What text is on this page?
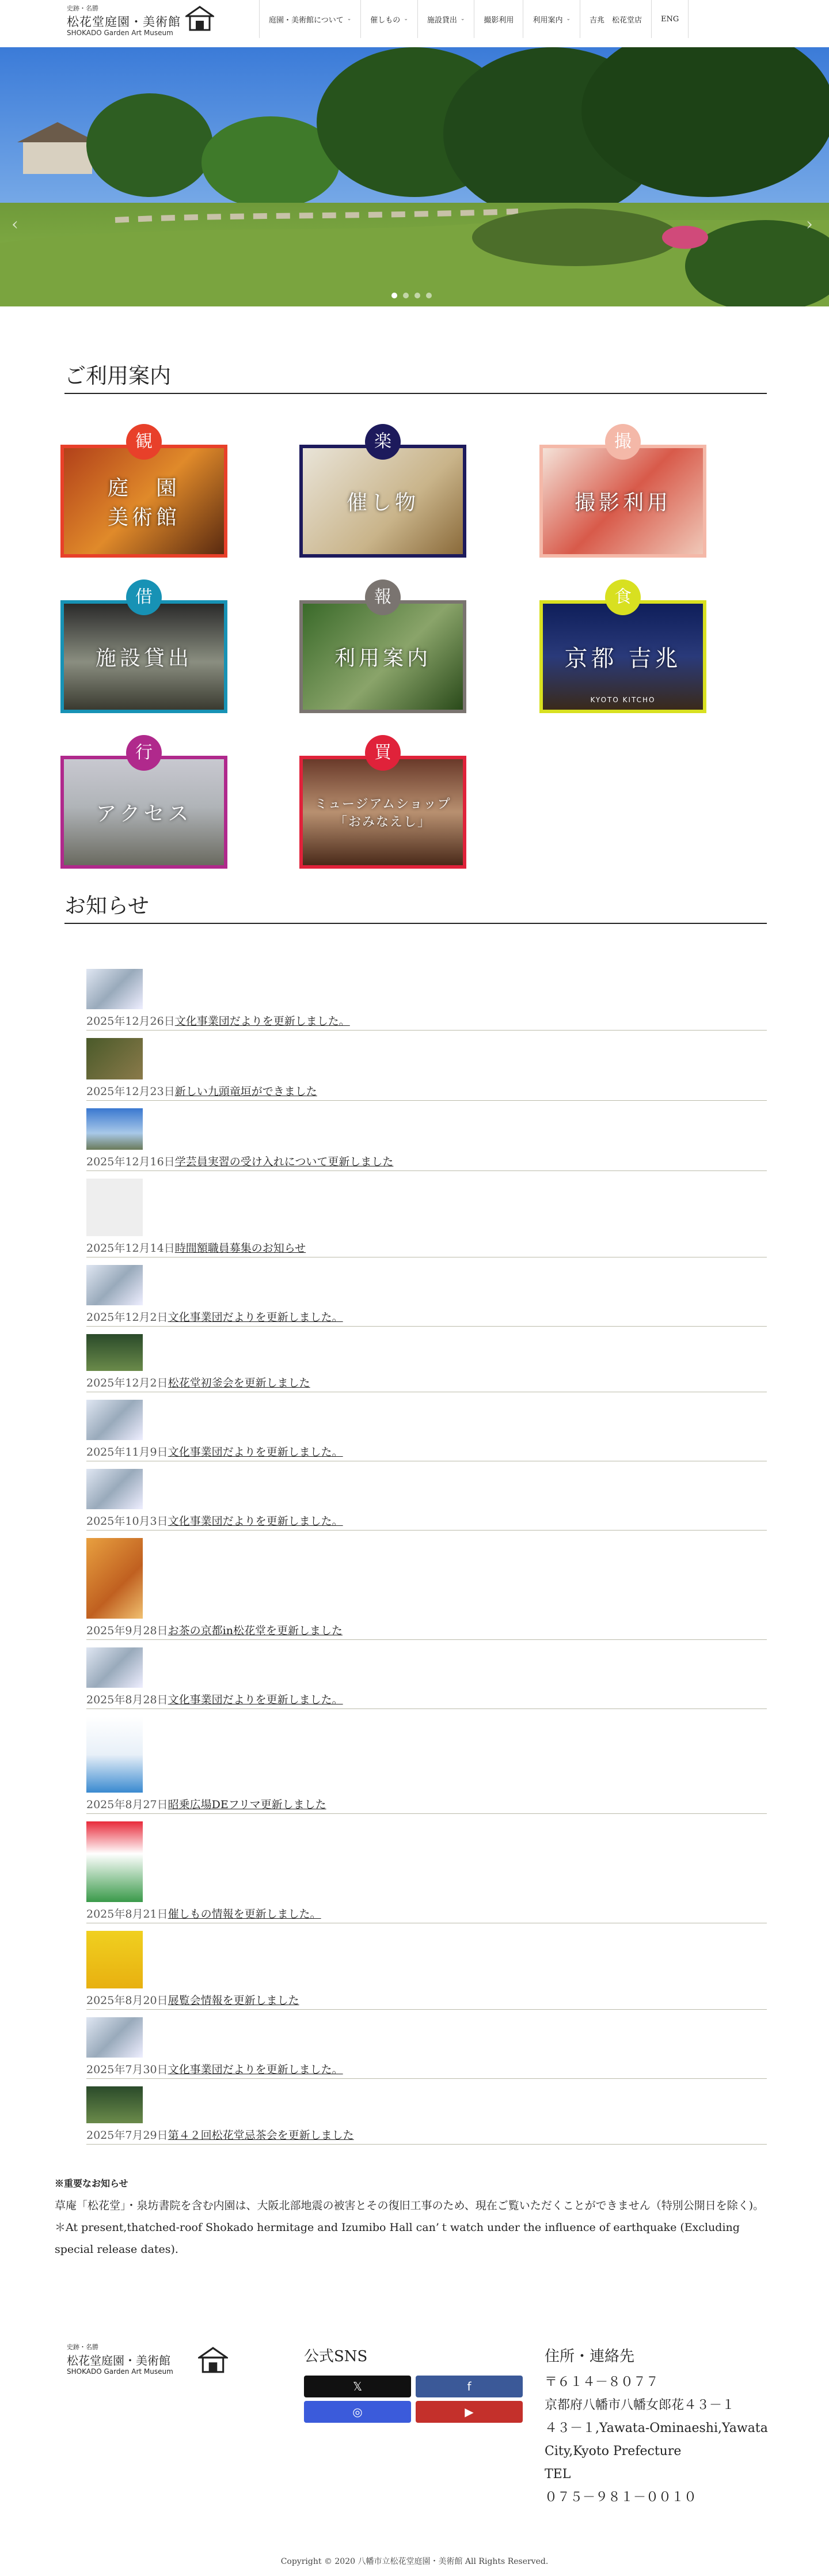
史跡・名勝
松花堂庭園・美術館
SHOKADO Garden Art Museum
庭園・美術館について ⌄	催しもの ⌄	施設貸出 ⌄	撮影利用	利用案内 ⌄	吉兆　松花堂店	ENG
‹	›
ご利用案内
庭　園
美術館
観
催し物
楽
撮影利用
撮
施設貸出
借
利用案内
報
京都 吉兆
KYOTO KITCHO
食
アクセス
行
ミュージアムショップ
「おみなえし」
買
お知らせ
2025年12月26日文化事業団だよりを更新しました。
2025年12月23日新しい九頭竜垣ができました
2025年12月16日学芸員実習の受け入れについて更新しました
2025年12月14日時間額職員募集のお知らせ
2025年12月2日文化事業団だよりを更新しました。
2025年12月2日松花堂初釜会を更新しました
2025年11月9日文化事業団だよりを更新しました。
2025年10月3日文化事業団だよりを更新しました。
2025年9月28日お茶の京都in松花堂を更新しました
2025年8月28日文化事業団だよりを更新しました。
2025年8月27日昭乗広場DEフリマ更新しました
2025年8月21日催しもの情報を更新しました。
2025年8月20日展覧会情報を更新しました
2025年7月30日文化事業団だよりを更新しました。
2025年7月29日第４２回松花堂忌茶会を更新しました
※重要なお知らせ
草庵「松花堂」・泉坊書院を含む内園は、大阪北部地震の被害とその復旧工事のため、現在ご覧いただくことができません（特別公開日を除く)。
＊At present,thatched-roof Shokado hermitage and Izumibo Hall can’ｔwatch under the influence of earthquake (Excluding special release dates).
史跡・名勝
松花堂庭園・美術館
SHOKADO Garden Art Museum
公式SNS
𝕏	f
◎	▶
住所・連絡先
〒６１４－８０７７
京都府八幡市八幡女郎花４３－１
４３－１,Yawata-Ominaeshi,Yawata City,Kyoto Prefecture
TEL
０７５－９８１－００１０
Copyright © 2020 八幡市立松花堂庭園・美術館 All Rights Reserved.
